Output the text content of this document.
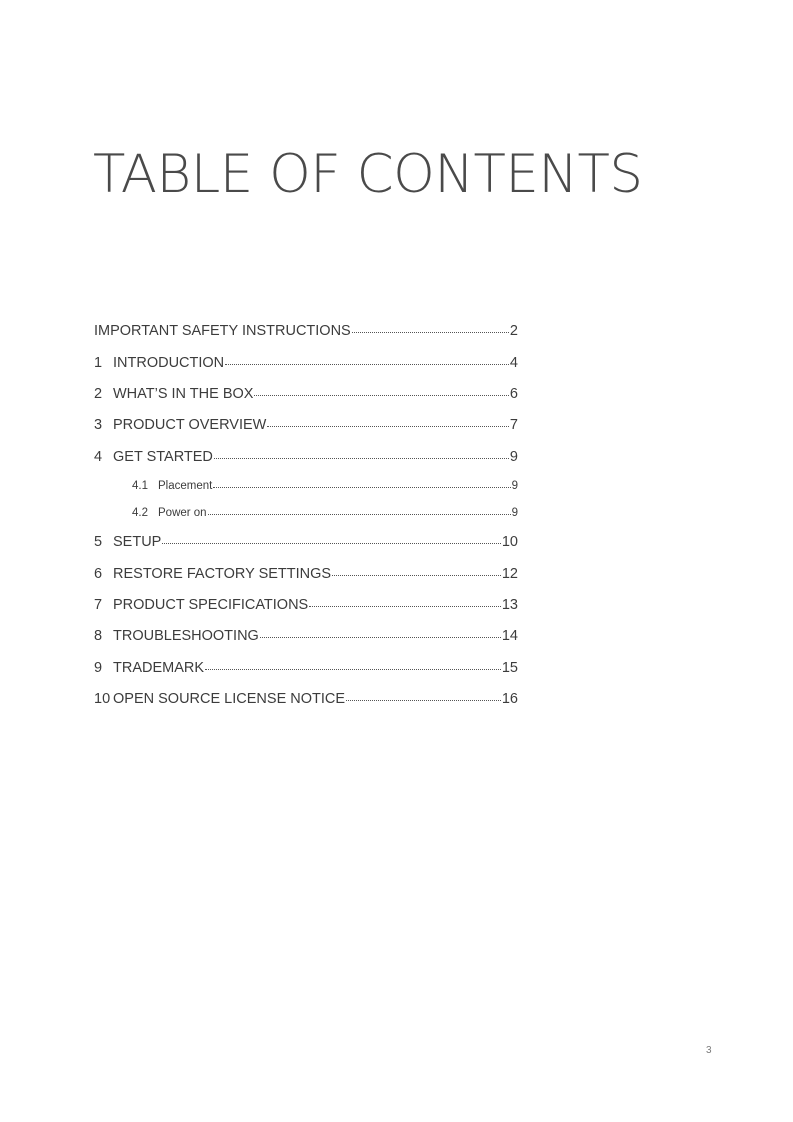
TABLE OF CONTENTS
IMPORTANT SAFETY INSTRUCTIONS	2
1 INTRODUCTION	4
2 WHAT’S IN THE BOX	6
3 PRODUCT OVERVIEW	7
4 GET STARTED	9
4.1 Placement	9
4.2 Power on	9
5 SETUP	10
6 RESTORE FACTORY SETTINGS	12
7 PRODUCT SPECIFICATIONS	13
8 TROUBLESHOOTING	14
9 TRADEMARK	15
10 OPEN SOURCE LICENSE NOTICE	16
3
